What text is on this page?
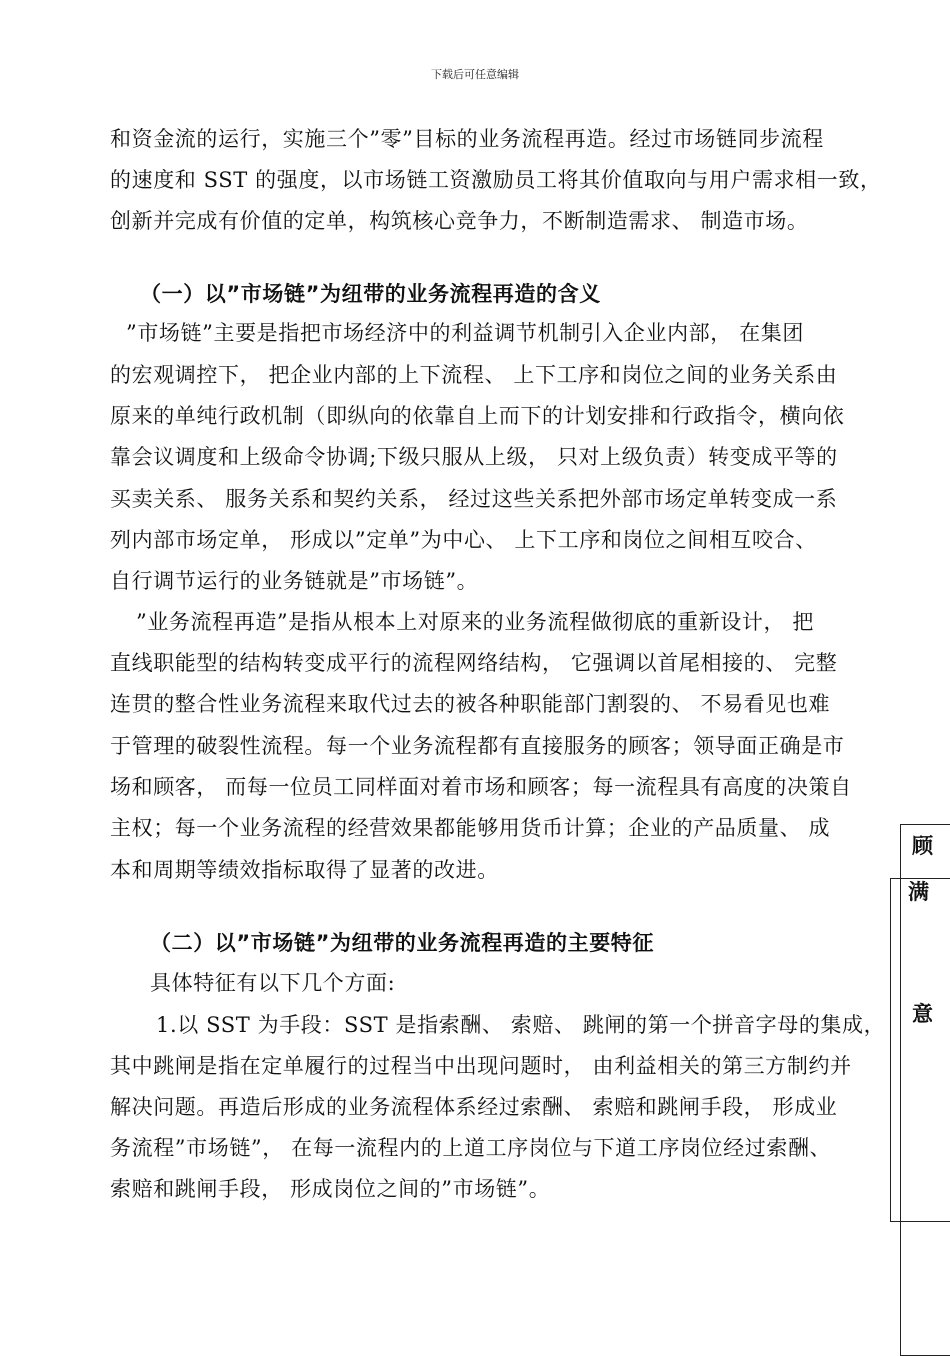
下载后可任意编辑
和资金流的运行，实施三个”零”目标的业务流程再造。经过市场链同步流程
的速度和 SST 的强度，以市场链工资激励员工将其价值取向与用户需求相一致，
创新并完成有价值的定单，构筑核心竞争力，不断制造需求、 制造市场。
（一）以”市场链”为纽带的业务流程再造的含义
”市场链”主要是指把市场经济中的利益调节机制引入企业内部， 在集团
的宏观调控下， 把企业内部的上下流程、 上下工序和岗位之间的业务关系由
原来的单纯行政机制（即纵向的依靠自上而下的计划安排和行政指令，横向依
靠会议调度和上级命令协调;下级只服从上级， 只对上级负责）转变成平等的
买卖关系、 服务关系和契约关系， 经过这些关系把外部市场定单转变成一系
列内部市场定单， 形成以”定单”为中心、 上下工序和岗位之间相互咬合、
自行调节运行的业务链就是”市场链”。
”业务流程再造”是指从根本上对原来的业务流程做彻底的重新设计， 把
直线职能型的结构转变成平行的流程网络结构， 它强调以首尾相接的、 完整
连贯的整合性业务流程来取代过去的被各种职能部门割裂的、 不易看见也难
于管理的破裂性流程。每一个业务流程都有直接服务的顾客；领导面正确是市
场和顾客， 而每一位员工同样面对着市场和顾客；每一流程具有高度的决策自
主权；每一个业务流程的经营效果都能够用货币计算；企业的产品质量、 成
本和周期等绩效指标取得了显著的改进。
（二）以”市场链”为纽带的业务流程再造的主要特征
具体特征有以下几个方面:
1.以 SST 为手段：SST 是指索酬、 索赔、 跳闸的第一个拼音字母的集成，
其中跳闸是指在定单履行的过程当中出现问题时， 由利益相关的第三方制约并
解决问题。再造后形成的业务流程体系经过索酬、 索赔和跳闸手段， 形成业
务流程”市场链”， 在每一流程内的上道工序岗位与下道工序岗位经过索酬、
索赔和跳闸手段， 形成岗位之间的”市场链”。
顾
满
意
